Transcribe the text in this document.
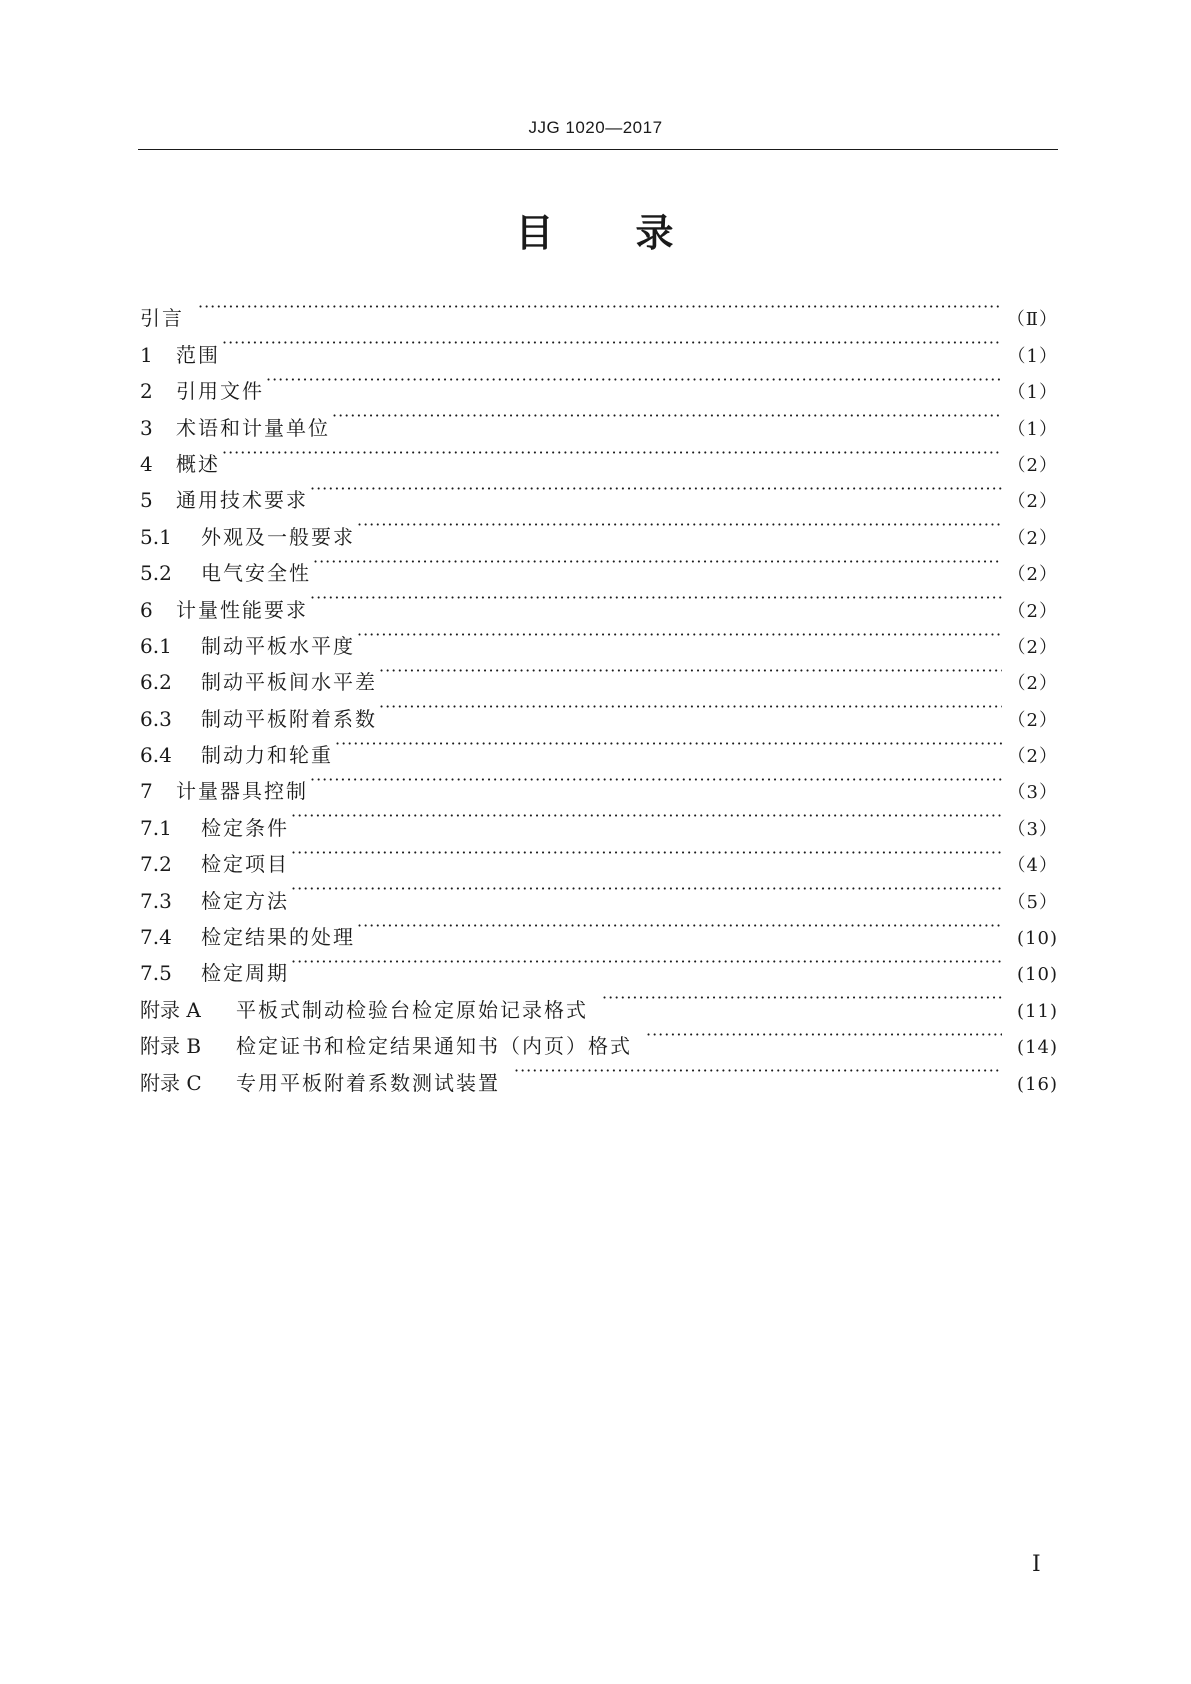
JJG 1020—2017
目　　录
引言 ·····	（Ⅱ）
1	范围 ·····	（1）
2	引用文件 ·····	（1）
3	术语和计量单位 ·····	（1）
4	概述 ·····	（2）
5	通用技术要求 ·····	（2）
5.1	外观及一般要求 ·····	（2）
5.2	电气安全性 ·····	（2）
6	计量性能要求 ·····	（2）
6.1	制动平板水平度 ·····	（2）
6.2	制动平板间水平差 ·····	（2）
6.3	制动平板附着系数 ·····	（2）
6.4	制动力和轮重 ·····	（2）
7	计量器具控制 ·····	（3）
7.1	检定条件 ·····	（3）
7.2	检定项目 ·····	（4）
7.3	检定方法 ·····	（5）
7.4	检定结果的处理 ·····	(10)
7.5	检定周期 ·····	(10)
附录 A	平板式制动检验台检定原始记录格式 ·····	(11)
附录 B	检定证书和检定结果通知书（内页）格式 ·····	(14)
附录 C	专用平板附着系数测试装置 ·····	(16)
Ⅰ
